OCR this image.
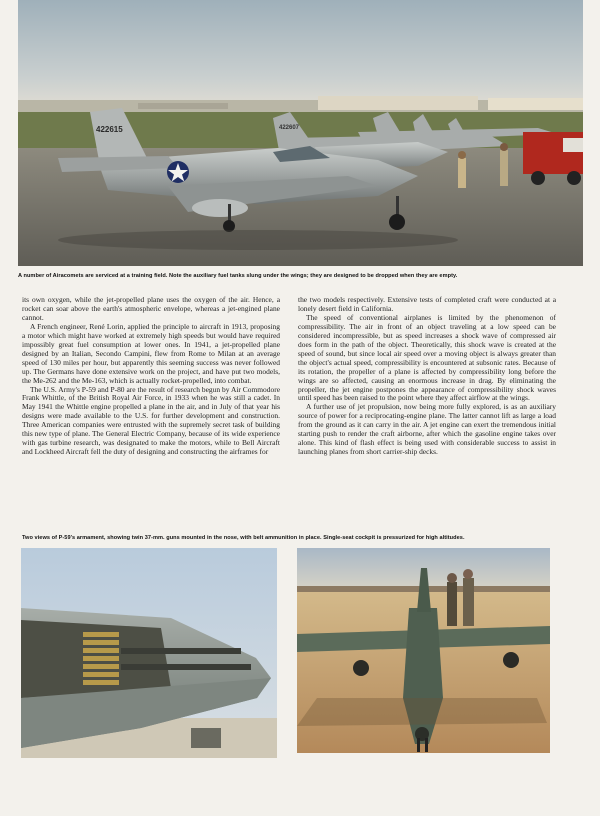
422607
422615
A number of Airacomets are serviced at a training field. Note the auxiliary fuel tanks slung under the wings; they are designed to be dropped when they are empty.

its own oxygen, while the jet-propelled plane uses the oxygen of the air. Hence, a rocket can soar above the earth's atmospheric envelope, whereas a jet-engined plane cannot.

A French engineer, René Lorin, applied the principle to aircraft in 1913, proposing a motor which might have worked at extremely high speeds but would have required impossibly great fuel consumption at lower ones. In 1941, a jet-propelled plane designed by an Italian, Secondo Campini, flew from Rome to Milan at an average speed of 130 miles per hour, but apparently this seeming success was never followed up. The Germans have done extensive work on the project, and have put two models, the Me-262 and the Me-163, which is actually rocket-propelled, into combat.

The U.S. Army's P-59 and P-80 are the result of research begun by Air Commodore Frank Whittle, of the British Royal Air Force, in 1933 when he was still a cadet. In May 1941 the Whittle engine propelled a plane in the air, and in July of that year his designs were made available to the U.S. for further development and construction. Three American companies were entrusted with the supremely secret task of building this new type of plane. The General Electric Company, because of its wide experience with gas turbine research, was designated to make the motors, while to Bell Aircraft and Lockheed Aircraft fell the duty of designing and constructing the airframes for

the two models respectively. Extensive tests of completed craft were conducted at a lonely desert field in California.

The speed of conventional airplanes is limited by the phenomenon of compressibility. The air in front of an object traveling at a low speed can be considered incompressible, but as speed increases a shock wave of compressed air does form in the path of the object. Theoretically, this shock wave is created at the speed of sound, but since local air speed over a moving object is always greater than the object's actual speed, compressibility is encountered at subsonic rates. Because of its rotation, the propeller of a plane is affected by compressibility long before the wings are so affected, causing an enormous increase in drag. By eliminating the propeller, the jet engine postpones the appearance of compressibility shock waves until speed has been raised to the point where they affect airflow at the wings.

A further use of jet propulsion, now being more fully explored, is as an auxiliary source of power for a reciprocating-engine plane. The latter cannot lift as large a load from the ground as it can carry in the air. A jet engine can exert the tremendous initial starting push to render the craft airborne, after which the gasoline engine takes over alone. This kind of flash effect is being used with considerable success to assist in launching planes from short carrier-ship decks.

Two views of P-59's armament, showing twin 37-mm. guns mounted in the nose, with belt ammunition in place. Single-seat cockpit is pressurized for high altitudes.
